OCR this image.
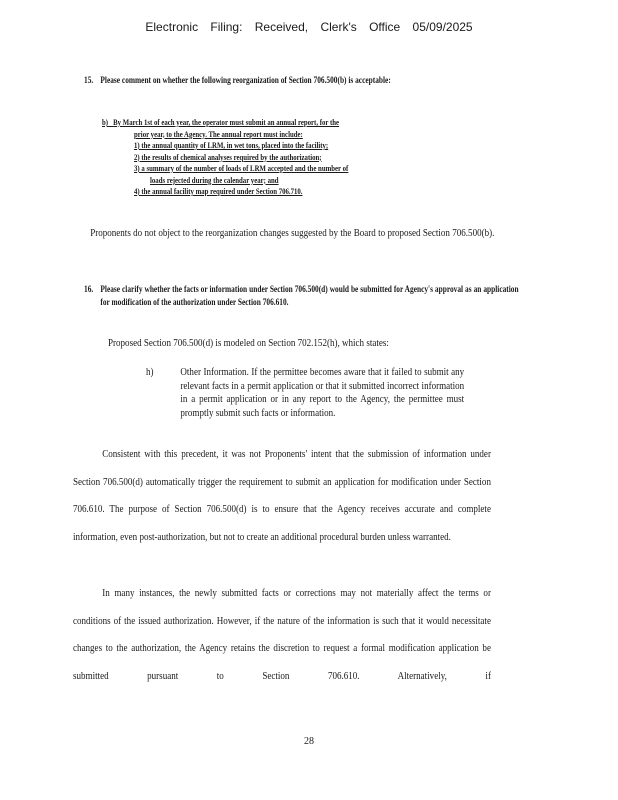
Electronic Filing: Received, Clerk's Office 05/09/2025
15. Please comment on whether the following reorganization of Section 706.500(b) is acceptable:
b) By March 1st of each year, the operator must submit an annual report, for the
prior year, to the Agency. The annual report must include:
1) the annual quantity of LRM, in wet tons, placed into the facility;
2) the results of chemical analyses required by the authorization;
3) a summary of the number of loads of LRM accepted and the number of
loads rejected during the calendar year; and
4) the annual facility map required under Section 706.710.
Proponents do not object to the reorganization changes suggested by the Board to proposed Section 706.500(b).
16. Please clarify whether the facts or information under Section 706.500(d) would be submitted for Agency's approval as an application for modification of the authorization under Section 706.610.
Proposed Section 706.500(d) is modeled on Section 702.152(h), which states:
h)	Other Information. If the permittee becomes aware that it failed to submit any relevant facts in a permit application or that it submitted incorrect information in a permit application or in any report to the Agency, the permittee must promptly submit such facts or information.
Consistent with this precedent, it was not Proponents' intent that the submission of information under Section 706.500(d) automatically trigger the requirement to submit an application for modification under Section 706.610. The purpose of Section 706.500(d) is to ensure that the Agency receives accurate and complete information, even post-authorization, but not to create an additional procedural burden unless warranted.
In many instances, the newly submitted facts or corrections may not materially affect the terms or conditions of the issued authorization. However, if the nature of the information is such that it would necessitate changes to the authorization, the Agency retains the discretion to request a formal modification application be submitted pursuant to Section 706.610. Alternatively, if
28
